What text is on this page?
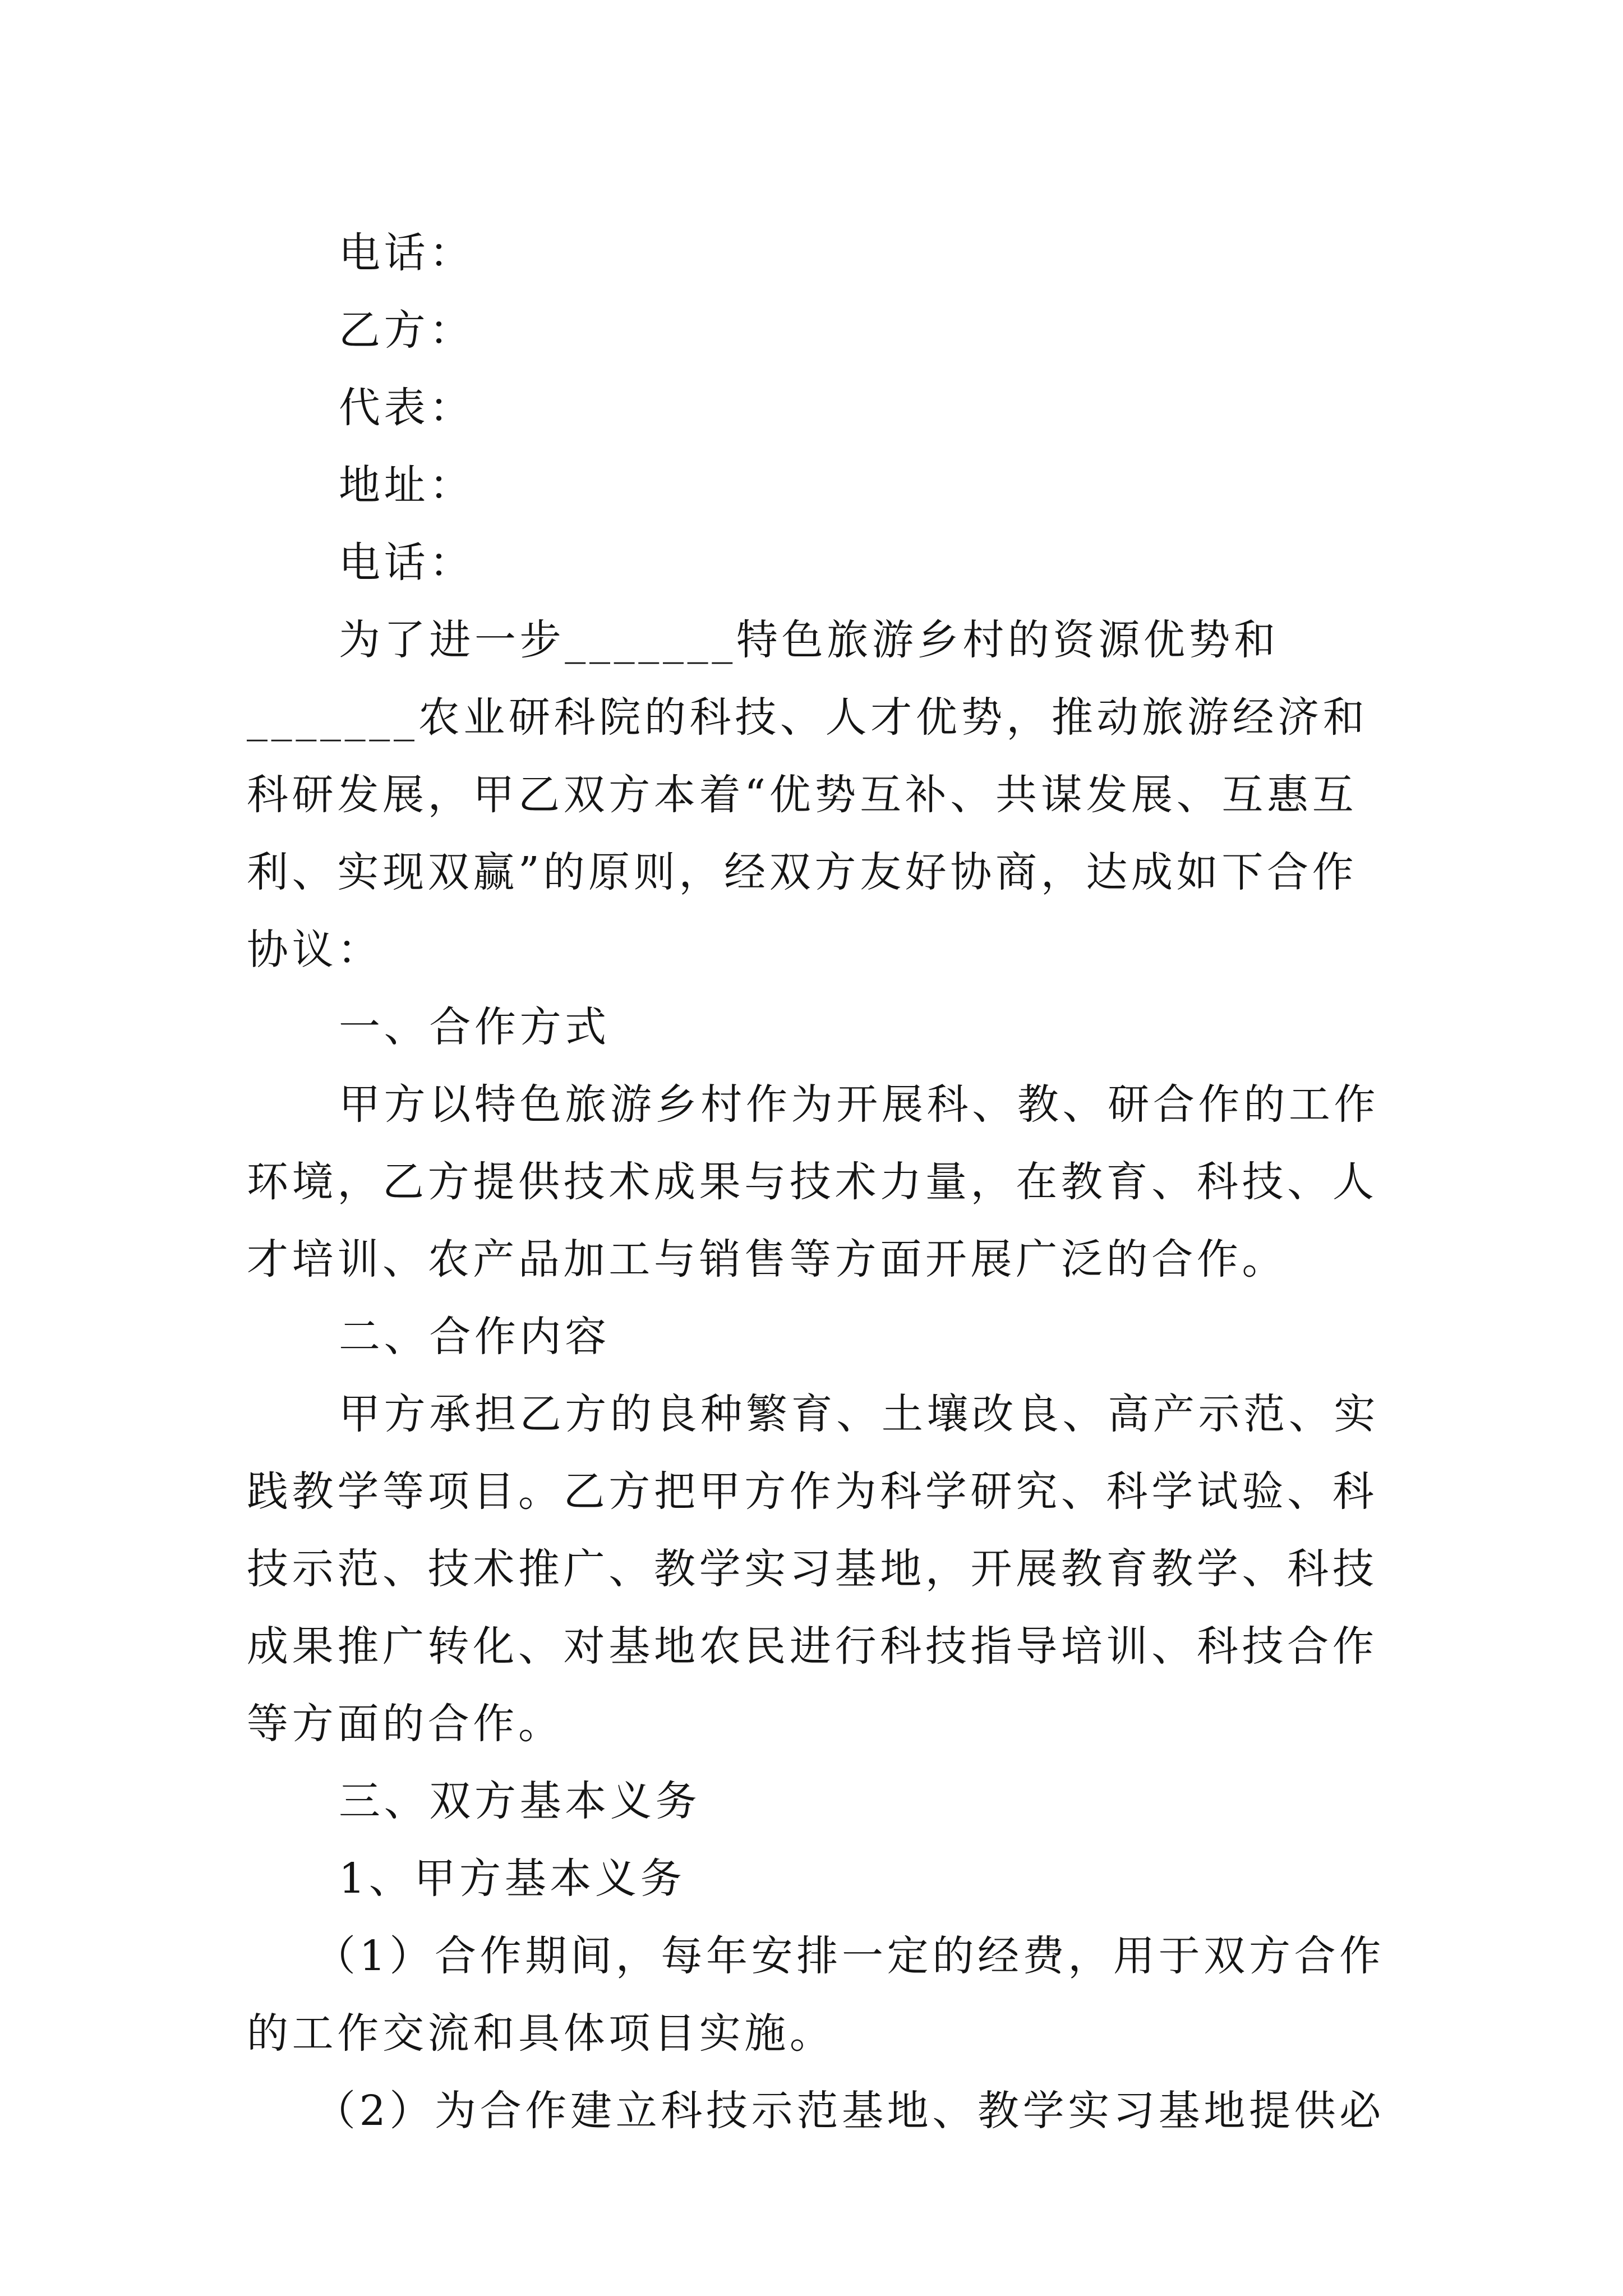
电话：

乙方：

代表：

地址：

电话：

为了进一步_______特色旅游乡村的资源优势和_______农业研科院的科技、人才优势，推动旅游经济和科研发展，甲乙双方本着“优势互补、共谋发展、互惠互利、实现双赢”的原则，经双方友好协商，达成如下合作协议：

一、合作方式

甲方以特色旅游乡村作为开展科、教、研合作的工作环境，乙方提供技术成果与技术力量，在教育、科技、人才培训、农产品加工与销售等方面开展广泛的合作。

二、合作内容

甲方承担乙方的良种繁育、土壤改良、高产示范、实践教学等项目。乙方把甲方作为科学研究、科学试验、科技示范、技术推广、教学实习基地，开展教育教学、科技成果推广转化、对基地农民进行科技指导培训、科技合作等方面的合作。

三、双方基本义务

1、甲方基本义务

（1）合作期间，每年安排一定的经费，用于双方合作的工作交流和具体项目实施。

（2）为合作建立科技示范基地、教学实习基地提供必
